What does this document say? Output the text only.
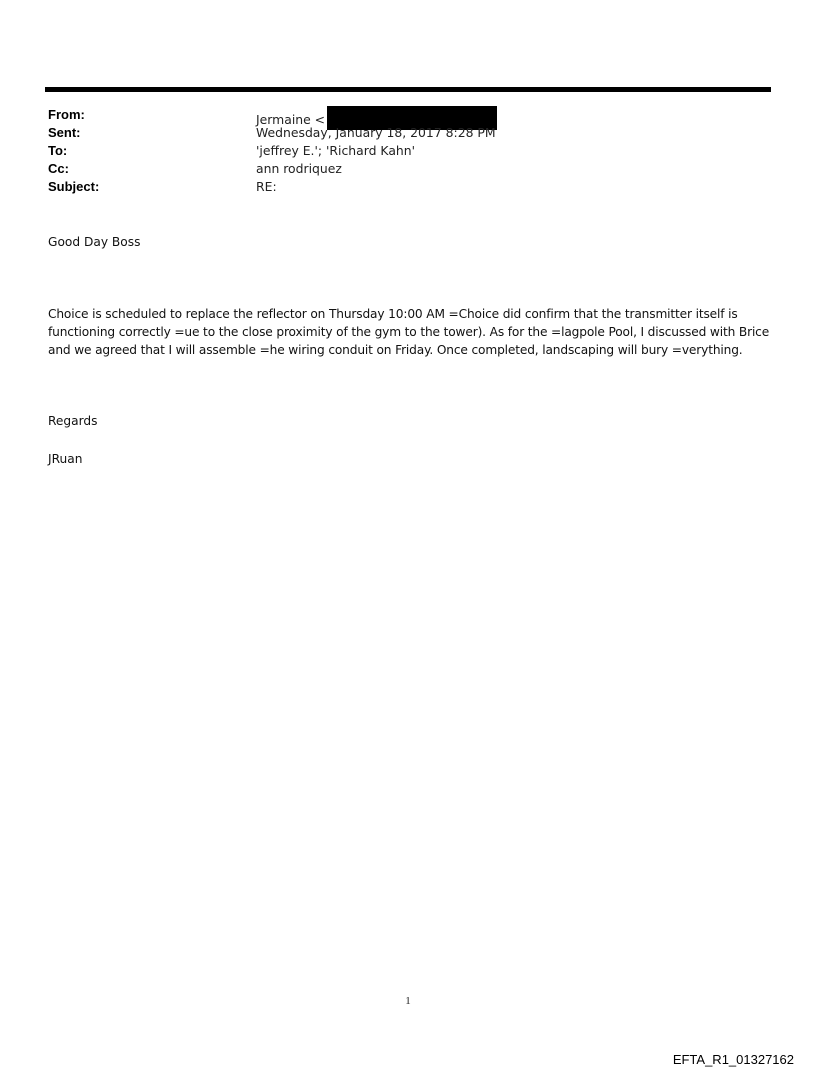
From:	Jermaine <
Sent:	Wednesday, January 18, 2017 8:28 PM
To:	'jeffrey E.'; 'Richard Kahn'
Cc:	ann rodriquez
Subject:	RE:
Good Day Boss
Choice is scheduled to replace the reflector on Thursday 10:00 AM =Choice did confirm that the transmitter itself is functioning correctly =ue to the close proximity of the gym to the tower). As for the =lagpole Pool, I discussed with Brice and we agreed that I will assemble =he wiring conduit on Friday. Once completed, landscaping will bury =verything.
Regards
JRuan
1
EFTA_R1_01327162
